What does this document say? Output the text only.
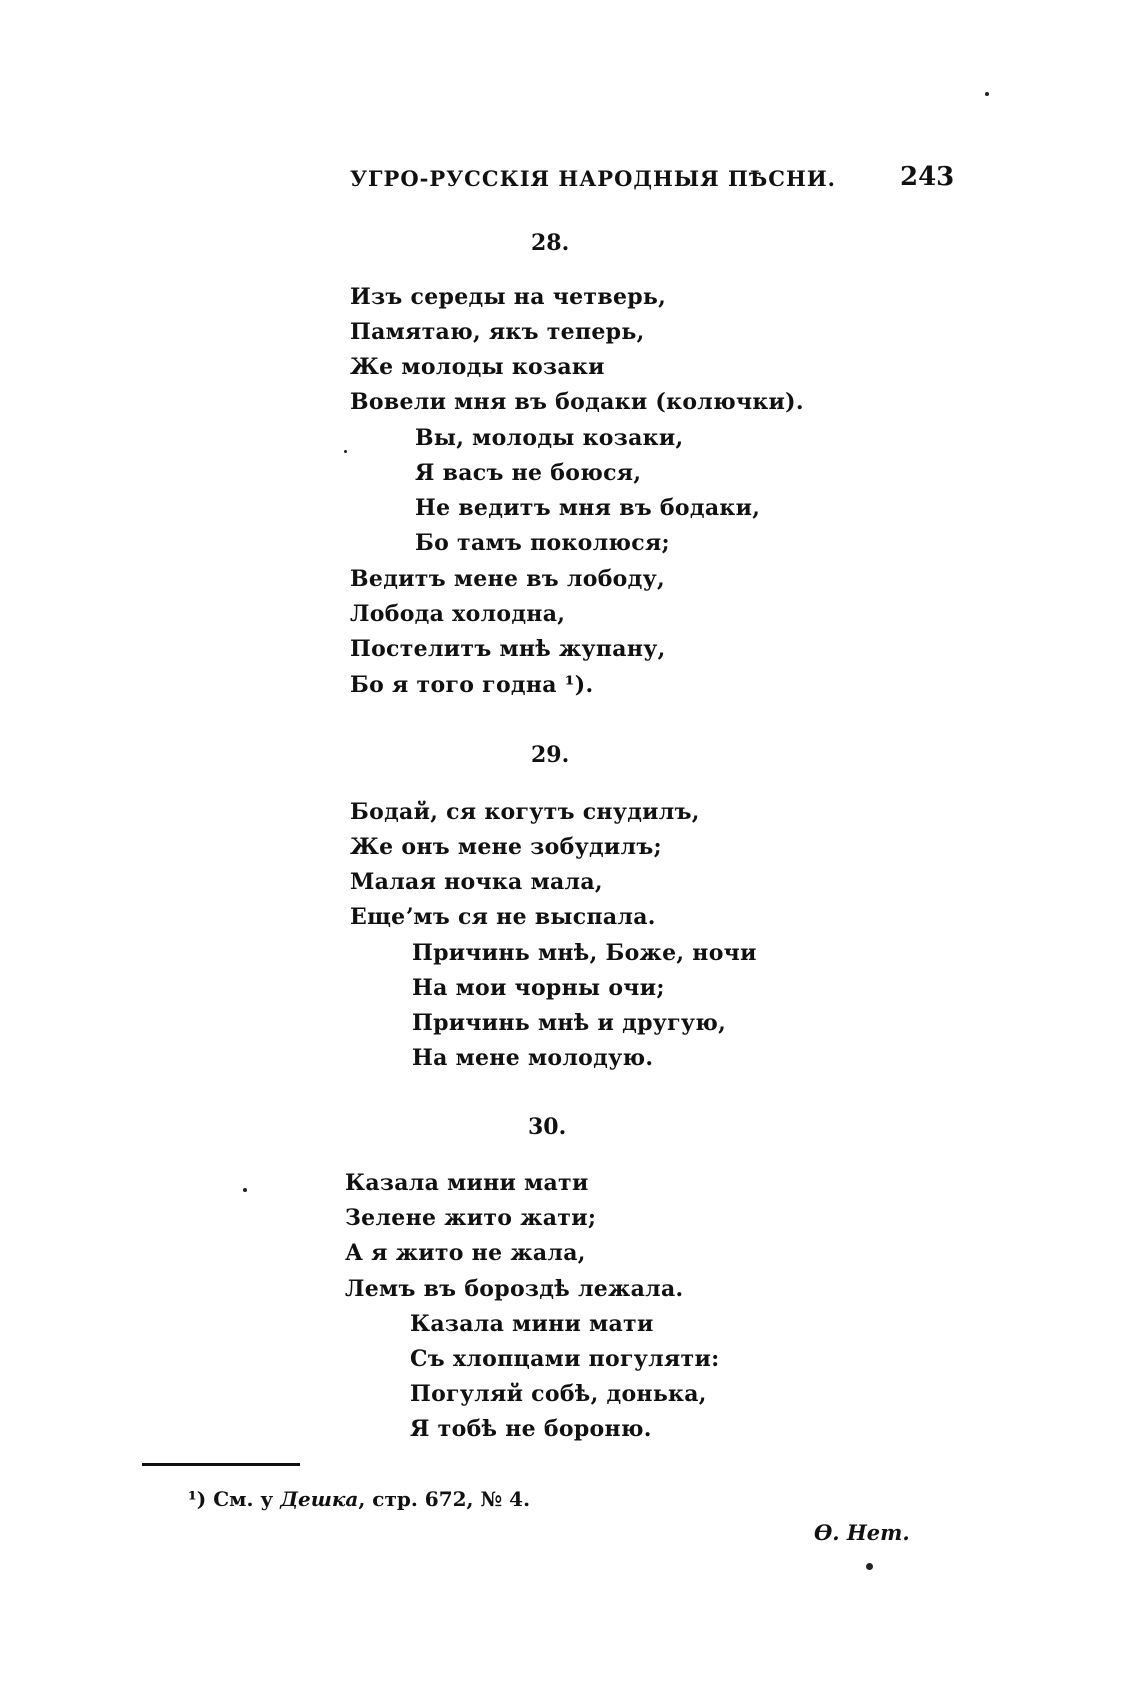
УГРО-РУССКІЯ НАРОДНЫЯ ПѢСНИ. 243
28.
Изъ середы на четверь,
Памятаю, якъ теперь,
Же молоды козаки
Вовели мня въ бодаки (колючки).
Вы, молоды козаки,
Я васъ не боюся,
Не ведитъ мня въ бодаки,
Бо тамъ поколюся;
Ведитъ мене въ лободу,
Лобода холодна,
Постелитъ мнѣ жупану,
Бо я того годна ¹).
29.
Бодай, ся когутъ снудилъ,
Же онъ мене зобудилъ;
Малая ночка мала,
Ещеʼмъ ся не выспала.
Причинь мнѣ, Боже, ночи
На мои чорны очи;
Причинь мнѣ и другую,
На мене молодую.
30.
Казала мини мати
Зелене жито жати;
А я жито не жала,
Лемъ въ бороздѣ лежала.
Казала мини мати
Съ хлопцами погуляти:
Погуляй собѣ, донька,
Я тобѣ не бороню.
¹) См. у Дешка, стр. 672, № 4.
Ѳ. Нет.
